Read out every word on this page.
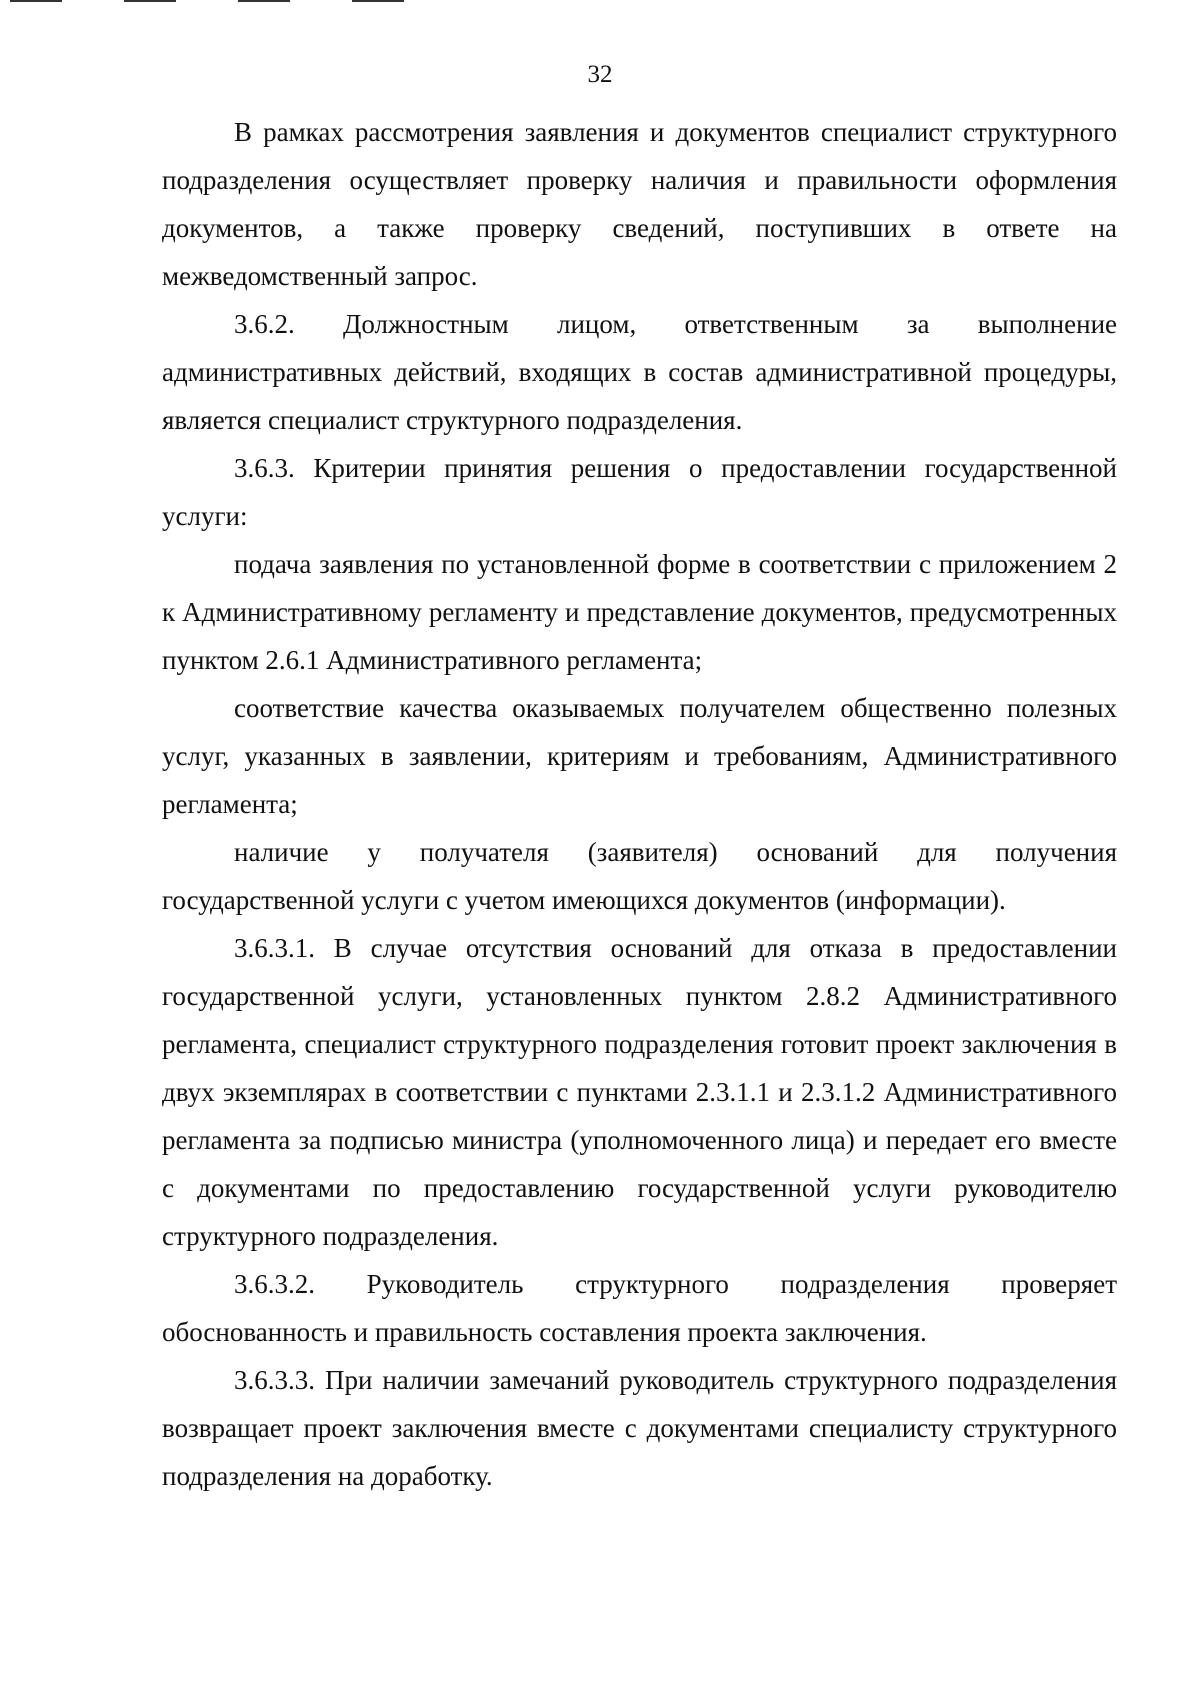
32

В рамках рассмотрения заявления и документов специалист структурного подразделения осуществляет проверку наличия и правильности оформления документов, а также проверку сведений, поступивших в ответе на межведомственный запрос.

3.6.2. Должностным лицом, ответственным за выполнение административных действий, входящих в состав административной процедуры, является специалист структурного подразделения.

3.6.3. Критерии принятия решения о предоставлении государственной услуги:

подача заявления по установленной форме в соответствии с приложением 2 к Административному регламенту и представление документов, предусмотренных пунктом 2.6.1 Административного регламента;

соответствие качества оказываемых получателем общественно полезных услуг, указанных в заявлении, критериям и требованиям, Административного регламента;

наличие у получателя (заявителя) оснований для получения государственной услуги с учетом имеющихся документов (информации).

3.6.3.1. В случае отсутствия оснований для отказа в предоставлении государственной услуги, установленных пунктом 2.8.2 Административного регламента, специалист структурного подразделения готовит проект заключения в двух экземплярах в соответствии с пунктами 2.3.1.1 и 2.3.1.2 Административного регламента за подписью министра (уполномоченного лица) и передает его вместе с документами по предоставлению государственной услуги руководителю структурного подразделения.

3.6.3.2. Руководитель структурного подразделения проверяет обоснованность и правильность составления проекта заключения.

3.6.3.3. При наличии замечаний руководитель структурного подразделения возвращает проект заключения вместе с документами специалисту структурного подразделения на доработку.
